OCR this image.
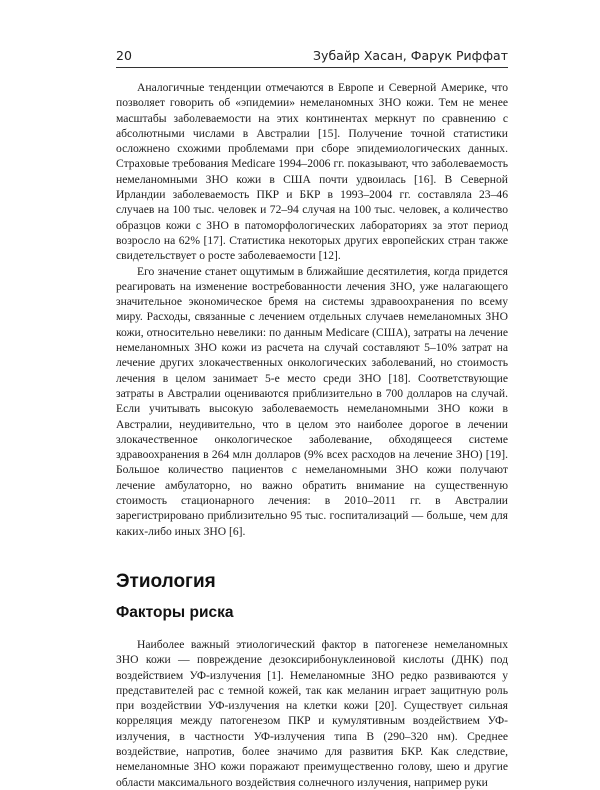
20	Зубайр Хасан, Фарук Риффат

Аналогичные тенденции отмечаются в Европе и Северной Америке, что позволяет говорить об «эпидемии» немеланомных ЗНО кожи. Тем не менее масштабы заболеваемости на этих континентах меркнут по сравнению с абсолютными числами в Австралии [15]. Получение точной статистики осложнено схожими проблемами при сборе эпидемиологических данных. Страховые требования Medicare 1994–2006 гг. показывают, что заболеваемость немеланомными ЗНО кожи в США почти удвоилась [16]. В Северной Ирландии заболеваемость ПКР и БКР в 1993–2004 гг. составляла 23–46 случаев на 100 тыс. человек и 72–94 случая на 100 тыс. человек, а количество образцов кожи с ЗНО в патоморфологических лабораториях за этот период возросло на 62% [17]. Статистика некоторых других европейских стран также свидетельствует о росте заболеваемости [12].

Его значение станет ощутимым в ближайшие десятилетия, когда придется реагировать на изменение востребованности лечения ЗНО, уже налагающего значительное экономическое бремя на системы здравоохранения по всему миру. Расходы, связанные с лечением отдельных случаев немеланомных ЗНО кожи, относительно невелики: по данным Medicare (США), затраты на лечение немеланомных ЗНО кожи из расчета на случай составляют 5–10% затрат на лечение других злокачественных онкологических заболеваний, но стоимость лечения в целом занимает 5-е место среди ЗНО [18]. Соответствующие затраты в Австралии оцениваются приблизительно в 700 долларов на случай. Если учитывать высокую заболеваемость немеланомными ЗНО кожи в Австралии, неудивительно, что в целом это наиболее дорогое в лечении злокачественное онкологическое заболевание, обходящееся системе здравоохранения в 264 млн долларов (9% всех расходов на лечение ЗНО) [19]. Большое количество пациентов с немеланомными ЗНО кожи получают лечение амбулаторно, но важно обратить внимание на существенную стоимость стационарного лечения: в 2010–2011 гг. в Австралии зарегистрировано приблизительно 95 тыс. госпитализаций — больше, чем для каких-либо иных ЗНО [6].

Этиология
Факторы риска

Наиболее важный этиологический фактор в патогенезе немеланомных ЗНО кожи — повреждение дезоксирибонуклеиновой кислоты (ДНК) под воздействием УФ-излучения [1]. Немеланомные ЗНО редко развиваются у представителей рас с темной кожей, так как меланин играет защитную роль при воздействии УФ-излучения на клетки кожи [20]. Существует сильная корреляция между патогенезом ПКР и кумулятивным воздействием УФ-излучения, в частности УФ-излучения типа B (290–320 нм). Среднее воздействие, напротив, более значимо для развития БКР. Как следствие, немеланомные ЗНО кожи поражают преимущественно голову, шею и другие области максимального воздействия солнечного излучения, например руки
